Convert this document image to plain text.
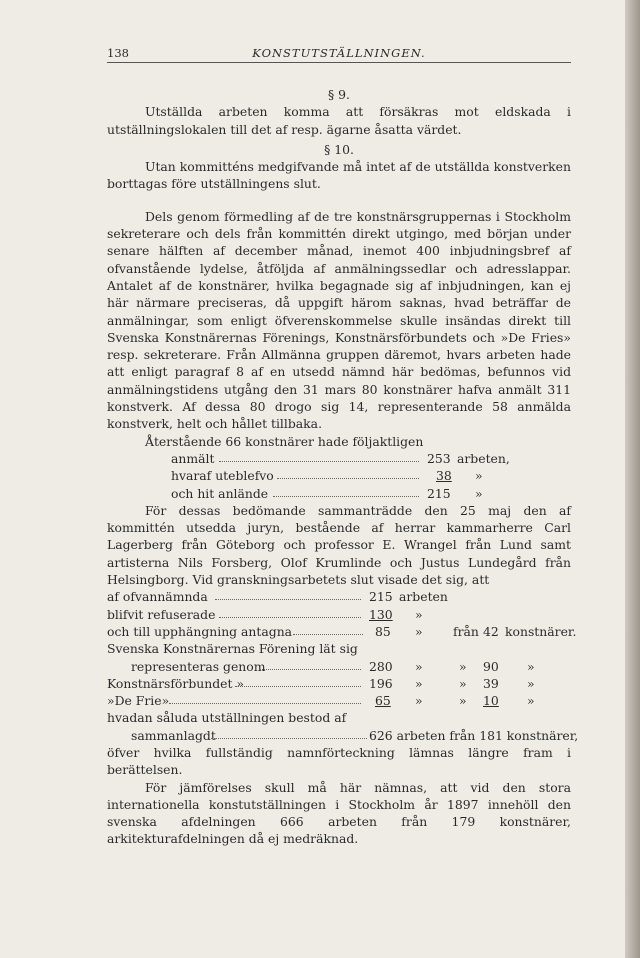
138	KONSTUTSTÄLLNINGEN.

§ 9.

Utställda arbeten komma att försäkras mot eldskada i utställningslokalen till det af resp. ägarne åsatta värdet.

§ 10.

Utan kommitténs medgifvande må intet af de utställda konstverken borttagas före utställningens slut.

Dels genom förmedling af de tre konstnärsgruppernas i Stockholm sekreterare och dels från kommittén direkt utgingo, med början under senare hälften af december månad, inemot 400 inbjudningsbref af ofvanstående lydelse, åtföljda af anmälningssedlar och adresslappar. Antalet af de konstnärer, hvilka begagnade sig af inbjudningen, kan ej här närmare preciseras, då uppgift härom saknas, hvad beträffar de anmälningar, som enligt öfverenskommelse skulle insändas direkt till Svenska Konstnärernas Förenings, Konstnärsförbundets och »De Fries» resp. sekreterare. Från Allmänna gruppen däremot, hvars arbeten hade att enligt paragraf 8 af en utsedd nämnd här bedömas, befunnos vid anmälningstidens utgång den 31 mars 80 konstnärer hafva anmält 311 konstverk. Af dessa 80 drogo sig 14, representerande 58 anmälda konstverk, helt och hållet tillbaka.

Återstående 66 konstnärer hade följaktligen

anmält	253 arbeten,
hvaraf uteblefvo	38	»
och hit anlände	215 »

För dessas bedömande sammanträdde den 25 maj den af kommittén utsedda juryn, bestående af herrar kammarherre Carl Lagerberg från Göteborg och professor E. Wrangel från Lund samt artisterna Nils Forsberg, Olof Krumlinde och Justus Lundegård från Helsingborg. Vid granskningsarbetets slut visade det sig, att

af ofvannämnda	215 arbeten
blifvit refuserade	130 »
och till upphängning antagna	85 » från 42 konstnärer.

Svenska Konstnärernas Förening lät sig

representeras genom	280 »	» 90 »
Konstnärsförbundet »	196 »	» 39 »
»De Frie»	65	»	»	10	»

hvadan såluda utställningen bestod af

sammanlagdt	626 arbeten från 181 konstnärer,

öfver hvilka fullständig namnförteckning lämnas längre fram i berättelsen.

För jämförelses skull må här nämnas, att vid den stora internationella konstutställningen i Stockholm år 1897 innehöll den svenska afdelningen 666 arbeten från 179 konstnärer, arkitekturafdelningen då ej medräknad.
